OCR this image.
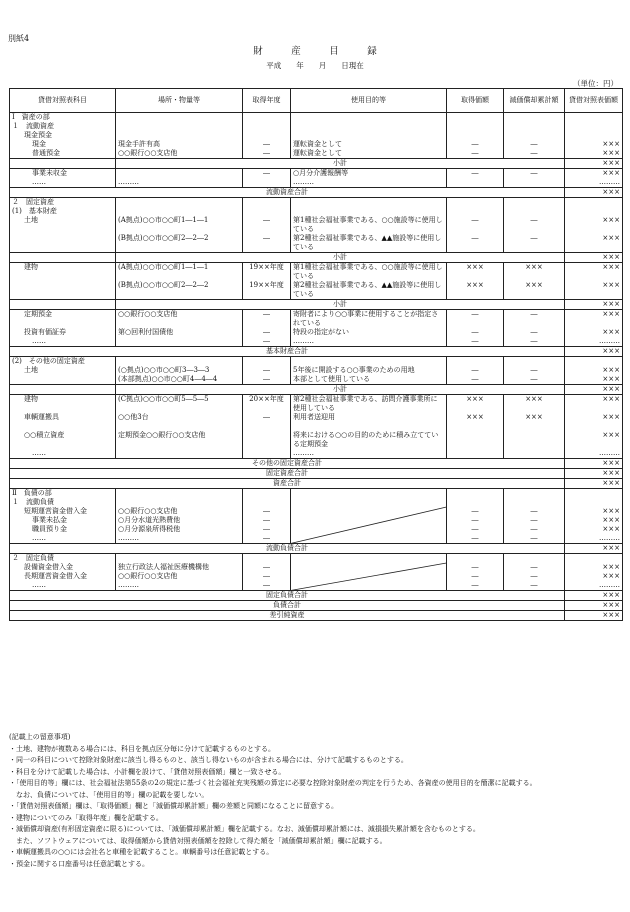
別紙4
財　　　産　　　目　　　録
平成　　年　　月　　日現在
（単位：円）
貸借対照表科目	場所・物量等	取得年度	使用目的等	取得価額	減価償却累計額	貸借対照表価額
Ⅰ　資産の部						
１　流動資産						
現金預金						
現金	現金手許有高	―	運転資金として	―	―	×××
普通預金	○○銀行○○支店他	―	運転資金として	―	―	×××
	小計					×××
事業未収金		―	○月分介護報酬等	―	―	×××
……	………		………			………
流動資産合計						×××
２　固定資産						
(1)　基本財産						
土地	(A拠点)○○市○○町1―1―1	―	第1種社会福祉事業である、○○施設等に使用している	―	―	×××
	(B拠点)○○市○○町2―2―2	―	第2種社会福祉事業である、▲▲施設等に使用している	―	―	×××
	小計					×××
建物	(A拠点)○○市○○町1―1―1	19××年度	第1種社会福祉事業である、○○施設等に使用している	×××	×××	×××
	(B拠点)○○市○○町2―2―2	19××年度	第2種社会福祉事業である、▲▲施設等に使用している	×××	×××	×××
	小計					×××
定期預金	○○銀行○○支店他	―	寄附者により○○事業に使用することが指定されている	―	―	×××
投資有価証券	第○回利付国債他	―	特段の指定がない	―	―	×××
……		―	………	―	―	………
基本財産合計						×××
(2)　その他の固定資産						
土地	(○拠点)○○市○○町3―3―3	―	5年後に開設する○○事業のための用地	―	―	×××
	(本部拠点)○○市○○町4―4―4	―	本部として使用している	―	―	×××
	小計					×××
建物	(C拠点)○○市○○町5―5―5	20××年度	第2種社会福祉事業である、訪問介護事業所に使用している	×××	×××	×××
車輌運搬具	○○他3台	―	利用者送迎用	×××	×××	×××
○○積立資産	定期預金○○銀行○○支店他		将来における○○の目的のために積み立てている定期預金			×××
……			………			………
その他の固定資産合計						×××
固定資産合計						×××
資産合計						×××
Ⅱ　負債の部						
１　流動負債						
短期運営資金借入金	○○銀行○○支店他	―		―	―	×××
事業未払金	○月分水道光熱費他	―		―	―	×××
職員預り金	○月分源泉所得税他	―		―	―	×××
……	………	―		―	―	………
流動負債合計						×××
２　固定負債						
設備資金借入金	独立行政法人福祉医療機構他	―		―	―	×××
長期運営資金借入金	○○銀行○○支店他	―		―	―	×××
……	………	―		―	―	………
固定負債合計						×××
負債合計						×××
差引純資産						×××
(記載上の留意事項)
・土地、建物が複数ある場合には、科目を拠点区分毎に分けて記載するものとする。
・同一の科目について控除対象財産に該当し得るものと、該当し得ないものが含まれる場合には、分けて記載するものとする。
・科目を分けて記載した場合は、小計欄を設けて、「貸借対照表価額」欄と一致させる。
・「使用目的等」欄には、社会福祉法第55条の2の規定に基づく社会福祉充実残額の算定に必要な控除対象財産の判定を行うため、各資産の使用目的を簡潔に記載する。
　なお、負債については、「使用目的等」欄の記載を要しない。
・「貸借対照表価額」欄は、「取得価額」欄と「減価償却累計額」欄の差額と同額になることに留意する。
・建物についてのみ「取得年度」欄を記載する。
・減価償却資産(有形固定資産に限る)については、「減価償却累計額」欄を記載する。なお、減価償却累計額には、減損損失累計額を含むものとする。
　また、ソフトウェアについては、取得価額から貸借対照表価額を控除して得た額を「減価償却累計額」欄に記載する。
・車輌運搬具の○○には会社名と車種を記載すること。車輌番号は任意記載とする。
・預金に関する口座番号は任意記載とする。
